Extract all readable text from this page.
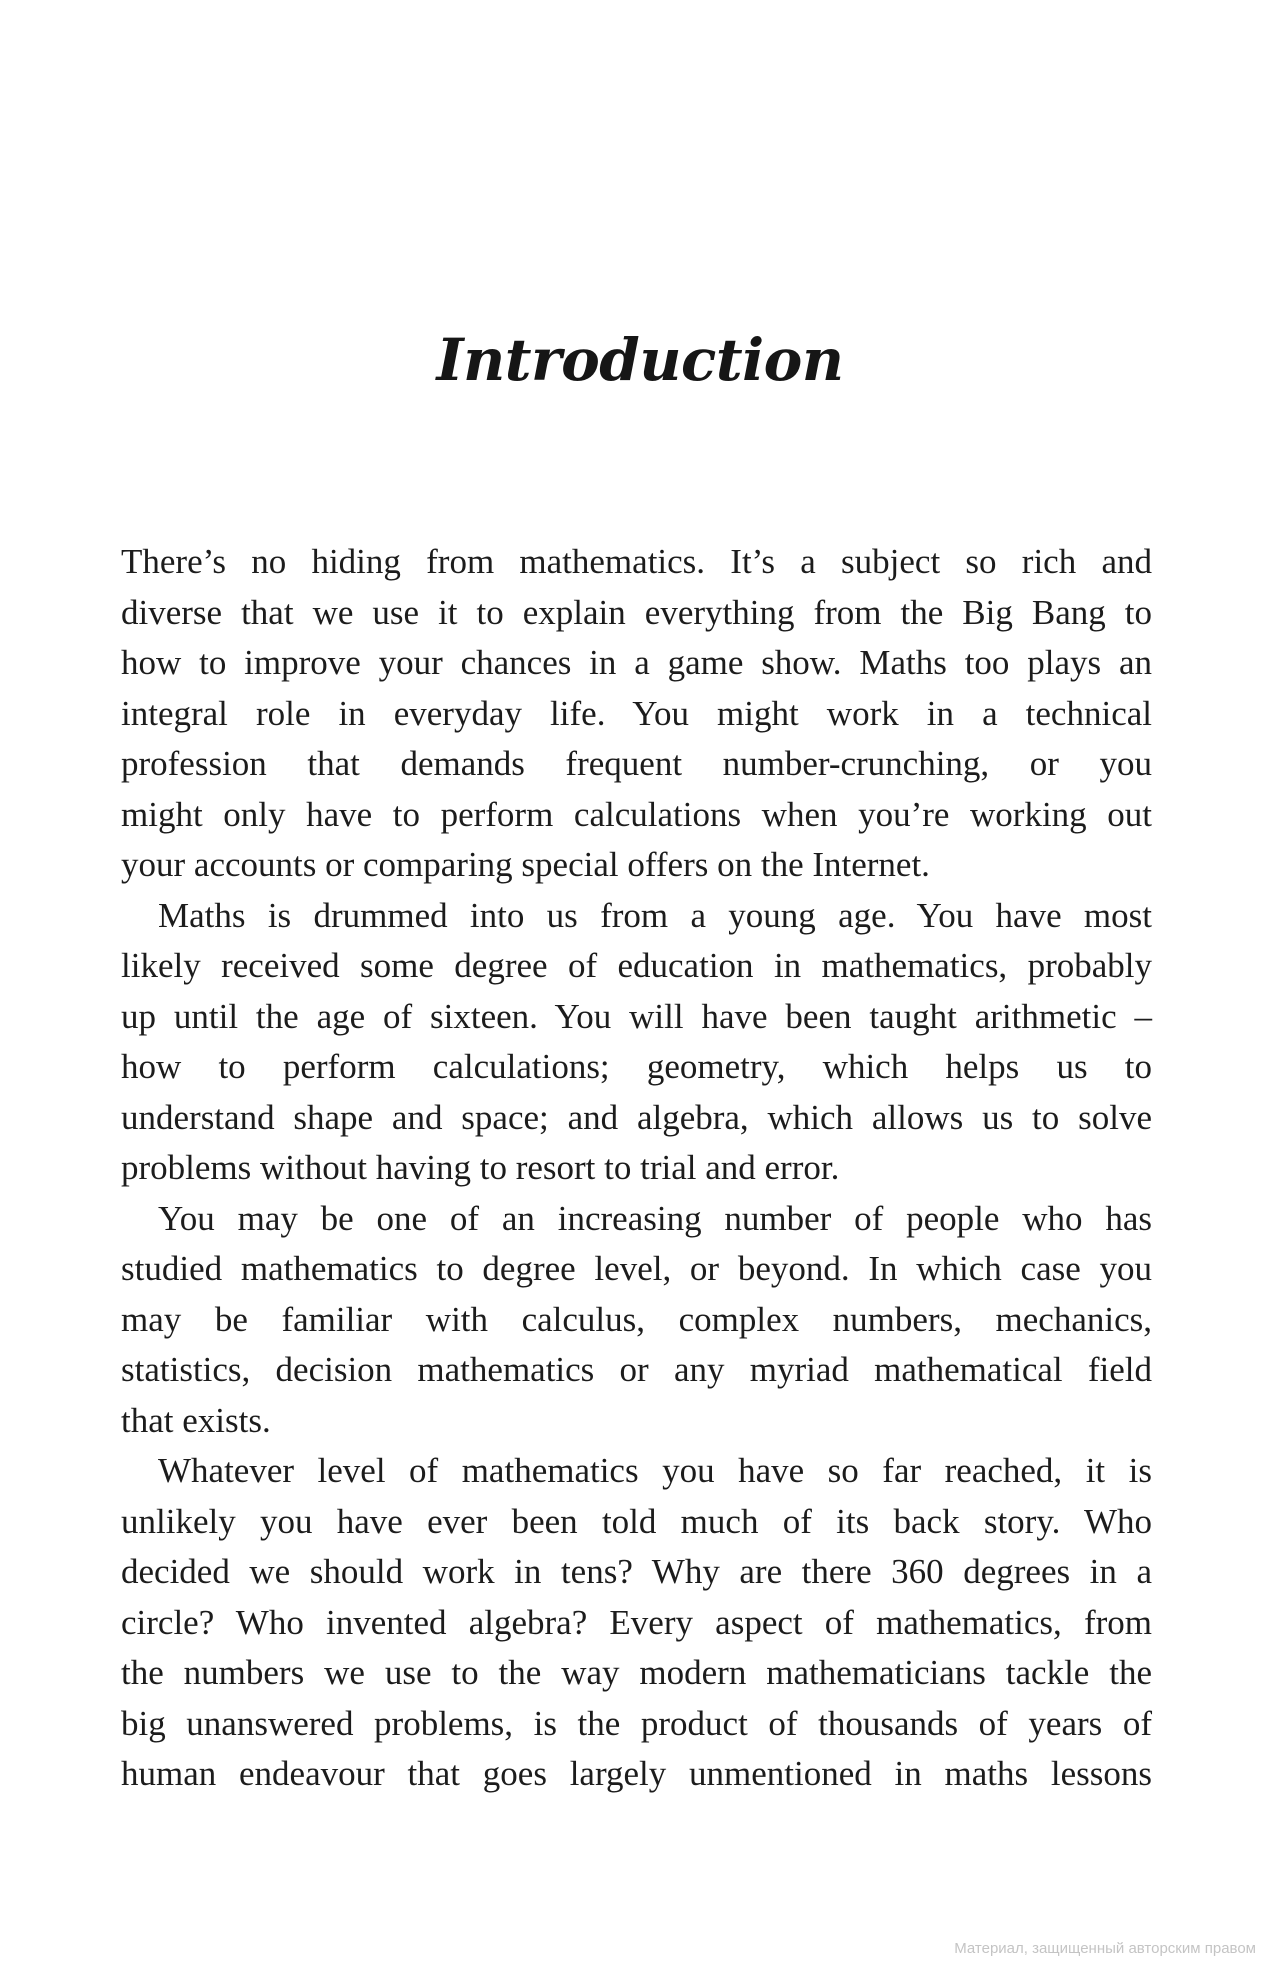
Introduction

There’s no hiding from mathematics. It’s a subject so rich and
diverse that we use it to explain everything from the Big Bang to
how to improve your chances in a game show. Maths too plays an
integral role in everyday life. You might work in a technical
profession that demands frequent number-crunching, or you
might only have to perform calculations when you’re working out
your accounts or comparing special offers on the Internet.

Maths is drummed into us from a young age. You have most
likely received some degree of education in mathematics, probably
up until the age of sixteen. You will have been taught arithmetic –
how to perform calculations; geometry, which helps us to
understand shape and space; and algebra, which allows us to solve
problems without having to resort to trial and error.

You may be one of an increasing number of people who has
studied mathematics to degree level, or beyond. In which case you
may be familiar with calculus, complex numbers, mechanics,
statistics, decision mathematics or any myriad mathematical field
that exists.

Whatever level of mathematics you have so far reached, it is
unlikely you have ever been told much of its back story. Who
decided we should work in tens? Why are there 360 degrees in a
circle? Who invented algebra? Every aspect of mathematics, from
the numbers we use to the way modern mathematicians tackle the
big unanswered problems, is the product of thousands of years of
human endeavour that goes largely unmentioned in maths lessons

Материал, защищенный авторским правом
